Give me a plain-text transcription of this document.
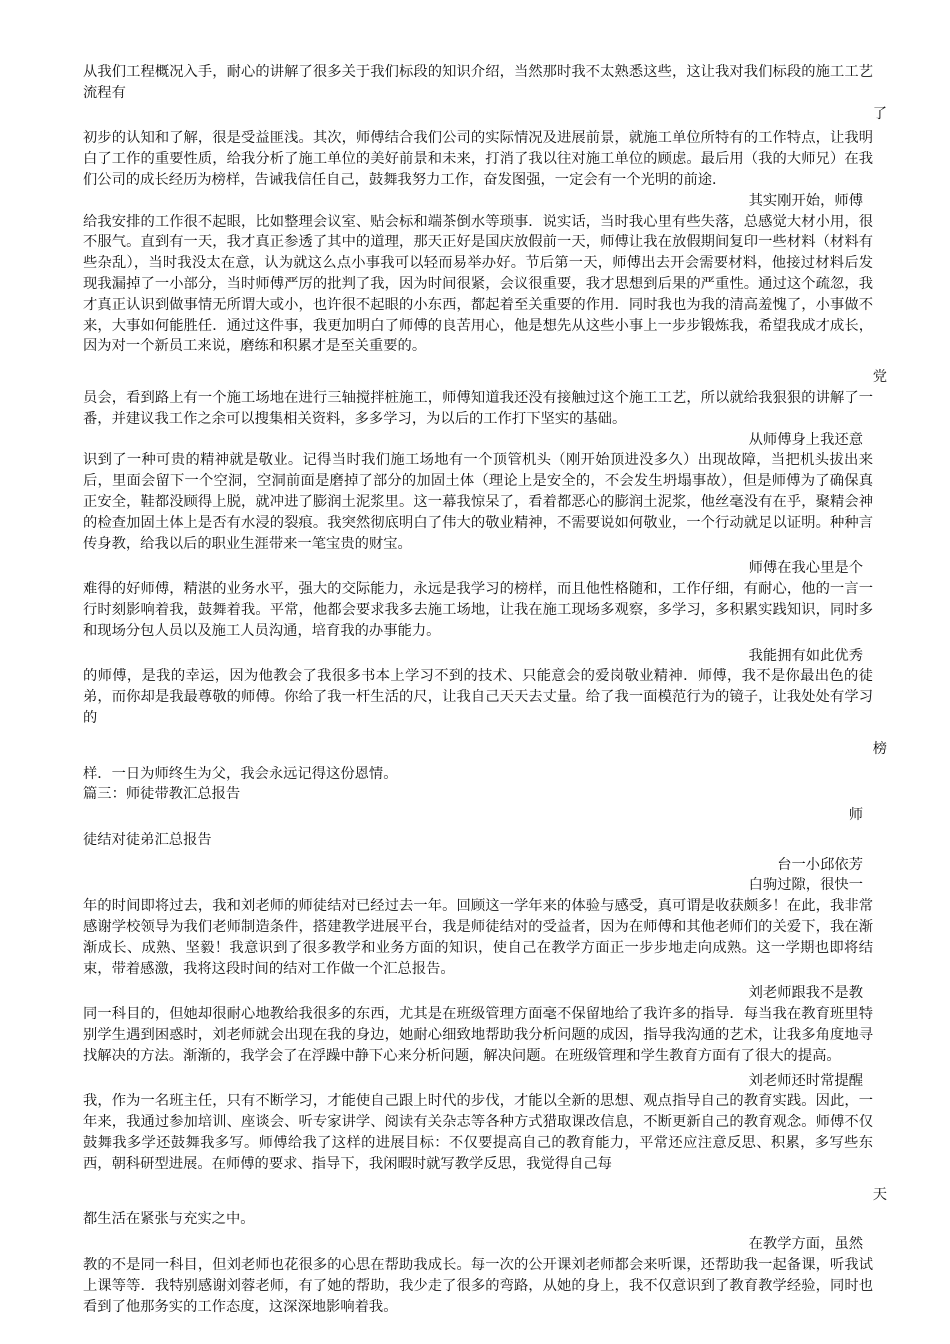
从我们工程概况入手，耐心的讲解了很多关于我们标段的知识介绍，当然那时我不太熟悉这些，这让我对我们标段的施工工艺流程有

了

初步的认知和了解，很是受益匪浅。其次，师傅结合我们公司的实际情况及进展前景，就施工单位所特有的工作特点，让我明白了工作的重要性质，给我分析了施工单位的美好前景和未来，打消了我以往对施工单位的顾虑。最后用（我的大师兄）在我们公司的成长经历为榜样，告诫我信任自己，鼓舞我努力工作，奋发图强，一定会有一个光明的前途．

其实刚开始，师傅

给我安排的工作很不起眼，比如整理会议室、贴会标和端茶倒水等琐事．说实话，当时我心里有些失落，总感觉大材小用，很不服气。直到有一天，我才真正参透了其中的道理，那天正好是国庆放假前一天，师傅让我在放假期间复印一些材料（材料有些杂乱），当时我没太在意，认为就这么点小事我可以轻而易举办好。节后第一天，师傅出去开会需要材料，他接过材料后发现我漏掉了一小部分，当时师傅严厉的批判了我，因为时间很紧，会议很重要，我才思想到后果的严重性。通过这个疏忽，我才真正认识到做事情无所谓大或小，也许很不起眼的小东西，都起着至关重要的作用．同时我也为我的清高羞愧了，小事做不来，大事如何能胜任．通过这件事，我更加明白了师傅的良苦用心，他是想先从这些小事上一步步锻炼我，希望我成才成长，因为对一个新员工来说，磨练和积累才是至关重要的。

党

员会，看到路上有一个施工场地在进行三轴搅拌桩施工，师傅知道我还没有接触过这个施工工艺，所以就给我狠狠的讲解了一番，并建议我工作之余可以搜集相关资料，多多学习，为以后的工作打下坚实的基础。

从师傅身上我还意

识到了一种可贵的精神就是敬业。记得当时我们施工场地有一个顶管机头（刚开始顶进没多久）出现故障，当把机头拔出来后，里面会留下一个空洞，空洞前面是磨掉了部分的加固土体（理论上是安全的，不会发生坍塌事故），但是师傅为了确保真正安全，鞋都没顾得上脱，就冲进了膨润土泥浆里。这一幕我惊呆了，看着都恶心的膨润土泥浆，他丝毫没有在乎，聚精会神的检查加固土体上是否有水浸的裂痕。我突然彻底明白了伟大的敬业精神，不需要说如何敬业，一个行动就足以证明。种种言传身教，给我以后的职业生涯带来一笔宝贵的财宝。

师傅在我心里是个

难得的好师傅，精湛的业务水平，强大的交际能力，永远是我学习的榜样，而且他性格随和，工作仔细，有耐心，他的一言一行时刻影响着我，鼓舞着我。平常，他都会要求我多去施工场地，让我在施工现场多观察，多学习，多积累实践知识，同时多和现场分包人员以及施工人员沟通，培育我的办事能力。

我能拥有如此优秀

的师傅，是我的幸运，因为他教会了我很多书本上学习不到的技术、只能意会的爱岗敬业精神．师傅，我不是你最出色的徒弟，而你却是我最尊敬的师傅。你给了我一杆生活的尺，让我自己天天去丈量。给了我一面模范行为的镜子，让我处处有学习的

榜

样．一日为师终生为父，我会永远记得这份恩情。

篇三：师徒带教汇总报告

师

徒结对徒弟汇总报告

台一小邱依芳

白驹过隙，很快一

年的时间即将过去，我和刘老师的师徒结对已经过去一年。回顾这一学年来的体验与感受，真可谓是收获颇多！在此，我非常感谢学校领导为我们老师制造条件，搭建教学进展平台，我是师徒结对的受益者，因为在师傅和其他老师们的关爱下，我在渐渐成长、成熟、坚毅！我意识到了很多教学和业务方面的知识，使自己在教学方面正一步步地走向成熟。这一学期也即将结束，带着感激，我将这段时间的结对工作做一个汇总报告。

刘老师跟我不是教

同一科目的，但她却很耐心地教给我很多的东西，尤其是在班级管理方面毫不保留地给了我许多的指导．每当我在教育班里特别学生遇到困惑时，刘老师就会出现在我的身边，她耐心细致地帮助我分析问题的成因，指导我沟通的艺术，让我多角度地寻找解决的方法。渐渐的，我学会了在浮躁中静下心来分析问题，解决问题。在班级管理和学生教育方面有了很大的提高。

刘老师还时常提醒

我，作为一名班主任，只有不断学习，才能使自己跟上时代的步伐，才能以全新的思想、观点指导自己的教育实践。因此，一年来，我通过参加培训、座谈会、听专家讲学、阅读有关杂志等各种方式猎取课改信息，不断更新自己的教育观念。师傅不仅鼓舞我多学还鼓舞我多写。师傅给我了这样的进展目标：不仅要提高自己的教育能力，平常还应注意反思、积累，多写些东西，朝科研型进展。在师傅的要求、指导下，我闲暇时就写教学反思，我觉得自己每

天

都生活在紧张与充实之中。

在教学方面，虽然

教的不是同一科目，但刘老师也花很多的心思在帮助我成长。每一次的公开课刘老师都会来听课，还帮助我一起备课，听我试上课等等．我特别感谢刘蓉老师，有了她的帮助，我少走了很多的弯路，从她的身上，我不仅意识到了教育教学经验，同时也看到了他那务实的工作态度，这深深地影响着我。
